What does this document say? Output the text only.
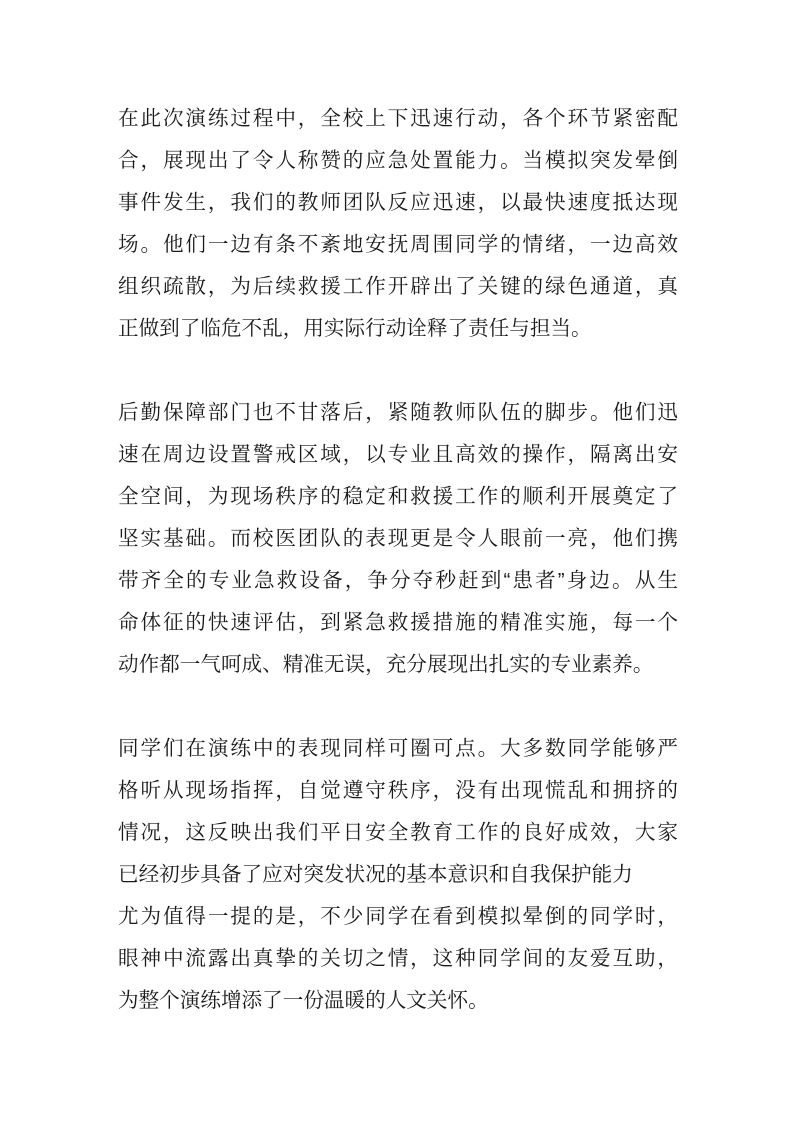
在此次演练过程中，全校上下迅速行动，各个环节紧密配
合，展现出了令人称赞的应急处置能力。当模拟突发晕倒
事件发生，我们的教师团队反应迅速，以最快速度抵达现
场。他们一边有条不紊地安抚周围同学的情绪，一边高效
组织疏散，为后续救援工作开辟出了关键的绿色通道，真
正做到了临危不乱，用实际行动诠释了责任与担当。
后勤保障部门也不甘落后，紧随教师队伍的脚步。他们迅
速在周边设置警戒区域，以专业且高效的操作，隔离出安
全空间，为现场秩序的稳定和救援工作的顺利开展奠定了
坚实基础。而校医团队的表现更是令人眼前一亮，他们携
带齐全的专业急救设备，争分夺秒赶到“患者”身边。从生
命体征的快速评估，到紧急救援措施的精准实施，每一个
动作都一气呵成、精准无误，充分展现出扎实的专业素养。
同学们在演练中的表现同样可圈可点。大多数同学能够严
格听从现场指挥，自觉遵守秩序，没有出现慌乱和拥挤的
情况，这反映出我们平日安全教育工作的良好成效，大家
已经初步具备了应对突发状况的基本意识和自我保护能力
尤为值得一提的是，不少同学在看到模拟晕倒的同学时，
眼神中流露出真挚的关切之情，这种同学间的友爱互助，
为整个演练增添了一份温暖的人文关怀。
